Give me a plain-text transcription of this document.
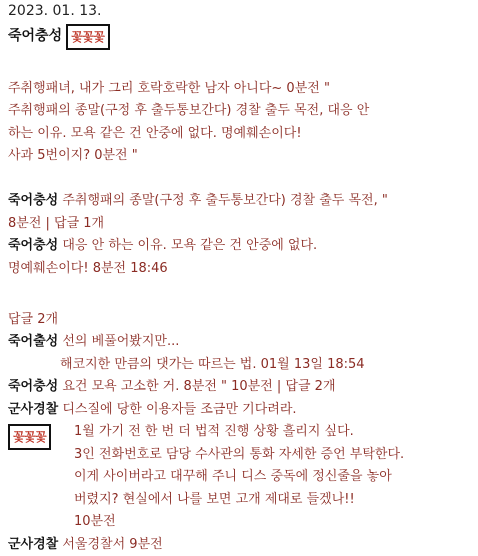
2023. 01. 13.
죽어충성 꽃꽃꽃
주취행패녀, 내가 그리 호락호락한 남자 아니다~ 0분전 "
주취행패의 종말(구정 후 출두통보간다) 경찰 출두 목전, 대응 안
하는 이유. 모욕 같은 건 안중에 없다. 명예훼손이다!
사과 5번이지? 0분전 "
죽어충성 주취행패의 종말(구정 후 출두통보간다) 경찰 출두 목전, "
8분전 | 답글 1개
죽어충성 대응 안 하는 이유. 모욕 같은 건 안중에 없다.
명예훼손이다! 8분전 18:46
답글 2개
죽어출성 선의 베풀어봤지만...
해코지한 만큼의 댓가는 따르는 법. 01월 13일 18:54
죽어충성 요건 모욕 고소한 거. 8분전 " 10분전 | 답글 2개
군사경찰 디스질에 당한 이용자들 조금만 기다려라.
꽃꽃꽃	1월 가기 전 한 번 더 법적 진행 상황 흘리지 싶다.
3인 전화번호로 담당 수사관의 통화 자세한 증언 부탁한다.
이게 사이버라고 대꾸해 주니 디스 중독에 정신줄을 놓아
버렸지? 현실에서 나를 보면 고개 제대로 들겠나!!
10분전
군사경찰 서울경찰서 9분전
